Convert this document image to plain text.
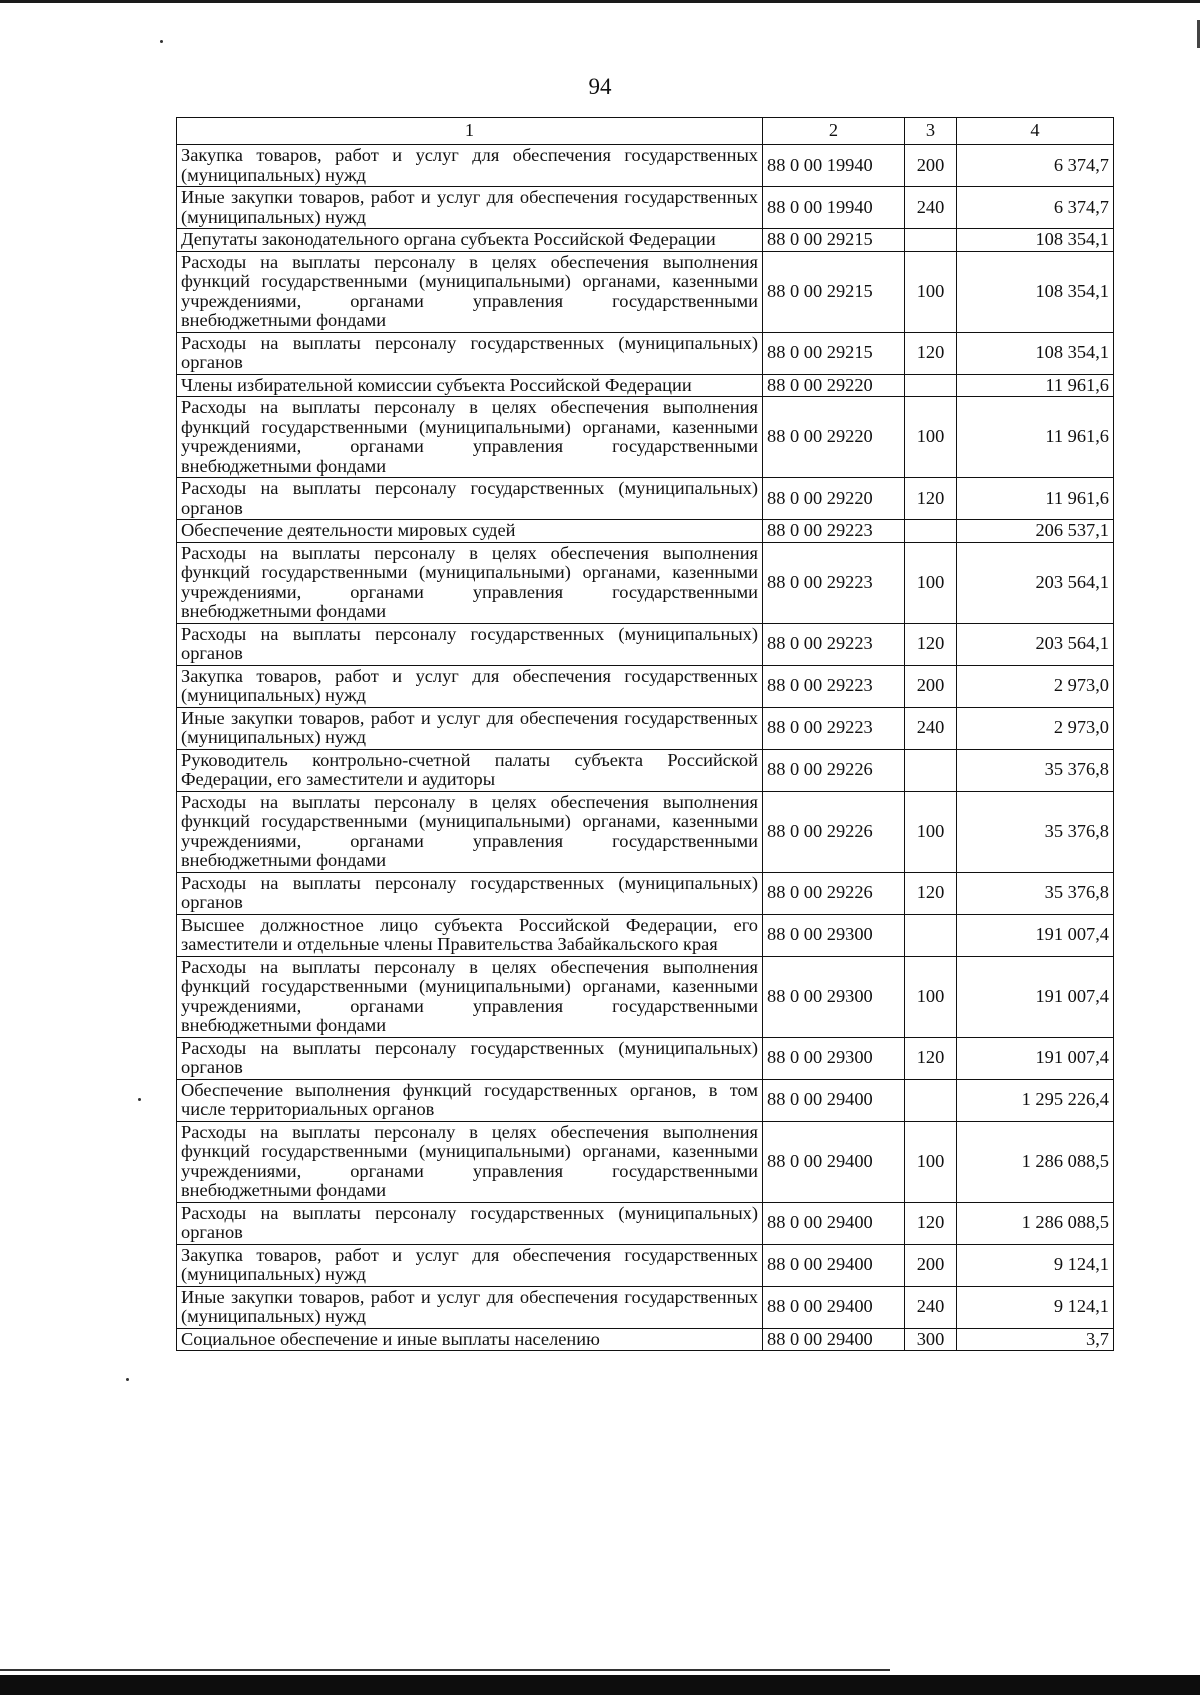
94
1	2	3	4
Закупка товаров, работ и услуг для обеспечения государственных (муниципальных) нужд	88 0 00 19940	200	6 374,7
Иные закупки товаров, работ и услуг для обеспечения государственных (муниципальных) нужд	88 0 00 19940	240	6 374,7
Депутаты законодательного органа субъекта Российской Федерации	88 0 00 29215		108 354,1
Расходы на выплаты персоналу в целях обеспечения выполнения функций государственными (муниципальными) органами, казенными учреждениями, органами управления государственными внебюджетными фондами	88 0 00 29215	100	108 354,1
Расходы на выплаты персоналу государственных (муниципальных) органов	88 0 00 29215	120	108 354,1
Члены избирательной комиссии субъекта Российской Федерации	88 0 00 29220		11 961,6
Расходы на выплаты персоналу в целях обеспечения выполнения функций государственными (муниципальными) органами, казенными учреждениями, органами управления государственными внебюджетными фондами	88 0 00 29220	100	11 961,6
Расходы на выплаты персоналу государственных (муниципальных) органов	88 0 00 29220	120	11 961,6
Обеспечение деятельности мировых судей	88 0 00 29223		206 537,1
Расходы на выплаты персоналу в целях обеспечения выполнения функций государственными (муниципальными) органами, казенными учреждениями, органами управления государственными внебюджетными фондами	88 0 00 29223	100	203 564,1
Расходы на выплаты персоналу государственных (муниципальных) органов	88 0 00 29223	120	203 564,1
Закупка товаров, работ и услуг для обеспечения государственных (муниципальных) нужд	88 0 00 29223	200	2 973,0
Иные закупки товаров, работ и услуг для обеспечения государственных (муниципальных) нужд	88 0 00 29223	240	2 973,0
Руководитель контрольно-счетной палаты субъекта Российской Федерации, его заместители и аудиторы	88 0 00 29226		35 376,8
Расходы на выплаты персоналу в целях обеспечения выполнения функций государственными (муниципальными) органами, казенными учреждениями, органами управления государственными внебюджетными фондами	88 0 00 29226	100	35 376,8
Расходы на выплаты персоналу государственных (муниципальных) органов	88 0 00 29226	120	35 376,8
Высшее должностное лицо субъекта Российской Федерации, его заместители и отдельные члены Правительства Забайкальского края	88 0 00 29300		191 007,4
Расходы на выплаты персоналу в целях обеспечения выполнения функций государственными (муниципальными) органами, казенными учреждениями, органами управления государственными внебюджетными фондами	88 0 00 29300	100	191 007,4
Расходы на выплаты персоналу государственных (муниципальных) органов	88 0 00 29300	120	191 007,4
Обеспечение выполнения функций государственных органов, в том числе территориальных органов	88 0 00 29400		1 295 226,4
Расходы на выплаты персоналу в целях обеспечения выполнения функций государственными (муниципальными) органами, казенными учреждениями, органами управления государственными внебюджетными фондами	88 0 00 29400	100	1 286 088,5
Расходы на выплаты персоналу государственных (муниципальных) органов	88 0 00 29400	120	1 286 088,5
Закупка товаров, работ и услуг для обеспечения государственных (муниципальных) нужд	88 0 00 29400	200	9 124,1
Иные закупки товаров, работ и услуг для обеспечения государственных (муниципальных) нужд	88 0 00 29400	240	9 124,1
Социальное обеспечение и иные выплаты населению	88 0 00 29400	300	3,7
